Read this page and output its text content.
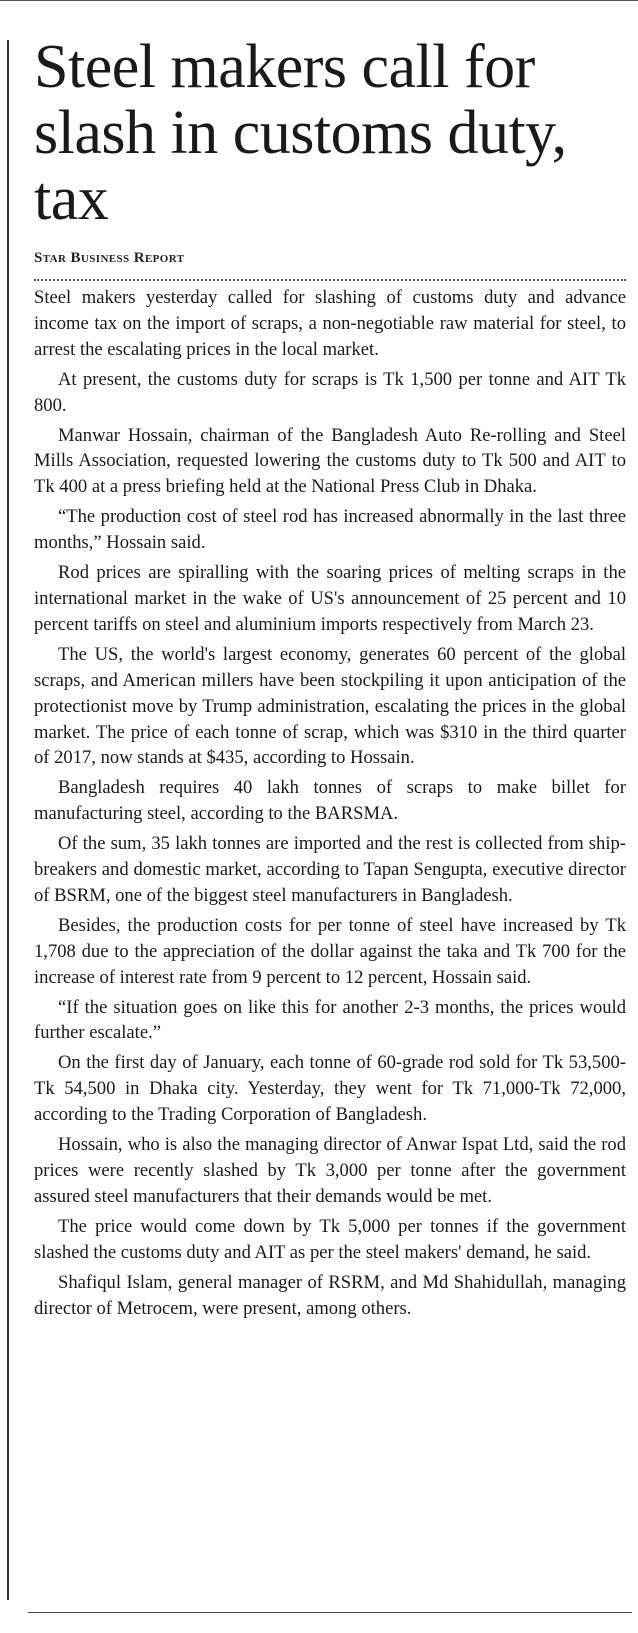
Steel makers call for slash in customs duty, tax
Star Business Report

Steel makers yesterday called for slashing of customs duty and advance income tax on the import of scraps, a non-negotiable raw material for steel, to arrest the escalating prices in the local market.

At present, the customs duty for scraps is Tk 1,500 per tonne and AIT Tk 800.

Manwar Hossain, chairman of the Bangladesh Auto Re-rolling and Steel Mills Association, requested lowering the customs duty to Tk 500 and AIT to Tk 400 at a press briefing held at the National Press Club in Dhaka.

“The production cost of steel rod has increased abnormally in the last three months,” Hossain said.

Rod prices are spiralling with the soaring prices of melting scraps in the international market in the wake of US's announcement of 25 percent and 10 percent tariffs on steel and aluminium imports respectively from March 23.

The US, the world's largest economy, generates 60 percent of the global scraps, and American millers have been stockpiling it upon anticipation of the protectionist move by Trump administration, escalating the prices in the global market. The price of each tonne of scrap, which was $310 in the third quarter of 2017, now stands at $435, according to Hossain.

Bangladesh requires 40 lakh tonnes of scraps to make billet for manufacturing steel, according to the BARSMA.

Of the sum, 35 lakh tonnes are imported and the rest is collected from ship-breakers and domestic market, according to Tapan Sengupta, executive director of BSRM, one of the biggest steel manufacturers in Bangladesh.

Besides, the production costs for per tonne of steel have increased by Tk 1,708 due to the appreciation of the dollar against the taka and Tk 700 for the increase of interest rate from 9 percent to 12 percent, Hossain said.

“If the situation goes on like this for another 2-3 months, the prices would further escalate.”

On the first day of January, each tonne of 60-grade rod sold for Tk 53,500-Tk 54,500 in Dhaka city. Yesterday, they went for Tk 71,000-Tk 72,000, according to the Trading Corporation of Bangladesh.

Hossain, who is also the managing director of Anwar Ispat Ltd, said the rod prices were recently slashed by Tk 3,000 per tonne after the government assured steel manufacturers that their demands would be met.

The price would come down by Tk 5,000 per tonnes if the government slashed the customs duty and AIT as per the steel makers' demand, he said.

Shafiqul Islam, general manager of RSRM, and Md Shahidullah, managing director of Metrocem, were present, among others.
